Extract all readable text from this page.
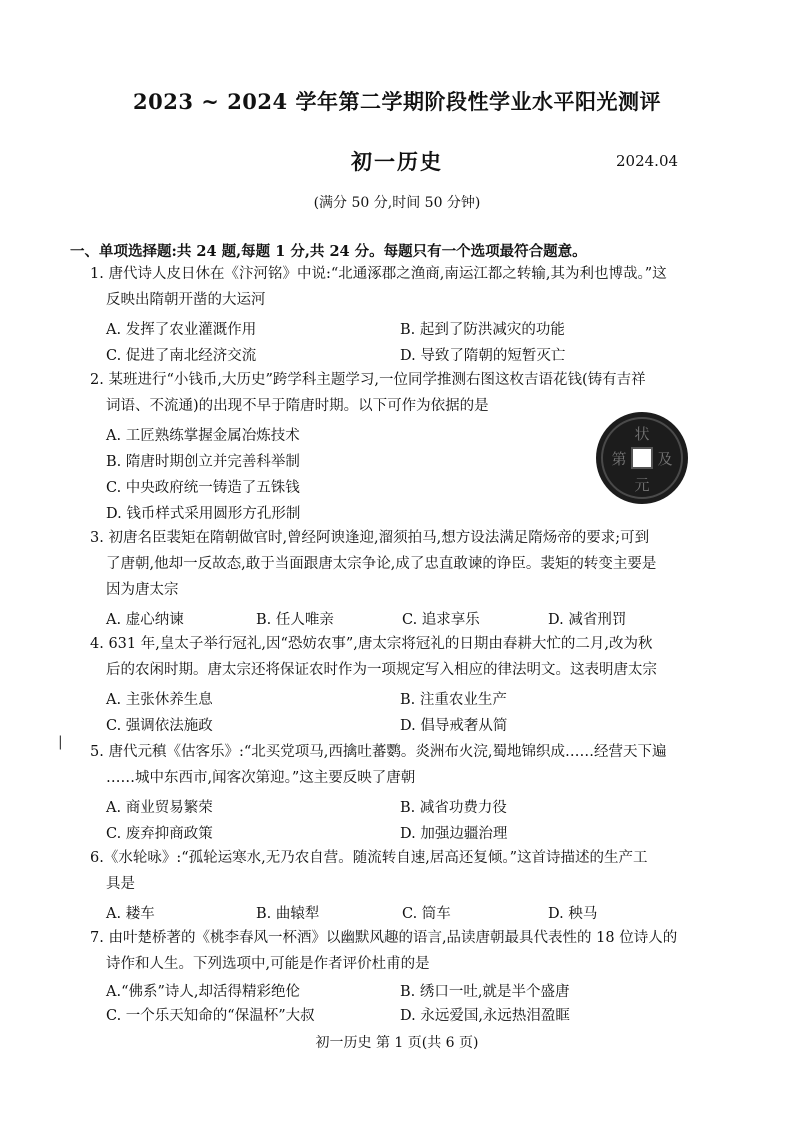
2023 ~ 2024 学年第二学期阶段性学业水平阳光测评
初一历史	2024.04
(满分 50 分,时间 50 分钟)
一、单项选择题:共 24 题,每题 1 分,共 24 分。每题只有一个选项最符合题意。
1. 唐代诗人皮日休在《汴河铭》中说:“北通涿郡之渔商,南运江都之转输,其为利也博哉。”这
反映出隋朝开凿的大运河
A. 发挥了农业灌溉作用	B. 起到了防洪减灾的功能
C. 促进了南北经济交流	D. 导致了隋朝的短暂灭亡
2. 某班进行“小钱币,大历史”跨学科主题学习,一位同学推测右图这枚吉语花钱(铸有吉祥
词语、不流通)的出现不早于隋唐时期。以下可作为依据的是
A. 工匠熟练掌握金属冶炼技术
B. 隋唐时期创立并完善科举制
C. 中央政府统一铸造了五铢钱
D. 钱币样式采用圆形方孔形制
状
元
及
第
3. 初唐名臣裴矩在隋朝做官时,曾经阿谀逢迎,溜须拍马,想方设法满足隋炀帝的要求;可到
了唐朝,他却一反故态,敢于当面跟唐太宗争论,成了忠直敢谏的诤臣。裴矩的转变主要是
因为唐太宗
A. 虚心纳谏	B. 任人唯亲	C. 追求享乐	D. 减省刑罚
4. 631 年,皇太子举行冠礼,因“恐妨农事”,唐太宗将冠礼的日期由春耕大忙的二月,改为秋
后的农闲时期。唐太宗还将保证农时作为一项规定写入相应的律法明文。这表明唐太宗
A. 主张休养生息	B. 注重农业生产
C. 强调依法施政	D. 倡导戒奢从简
|
5. 唐代元稹《估客乐》:“北买党项马,西擒吐蕃鹦。炎洲布火浣,蜀地锦织成……经营天下遍
……城中东西市,闻客次第迎。”这主要反映了唐朝
A. 商业贸易繁荣	B. 减省功费力役
C. 废弃抑商政策	D. 加强边疆治理
6.《水轮咏》:“孤轮运寒水,无乃农自营。随流转自速,居高还复倾。”这首诗描述的生产工
具是
A. 耧车	B. 曲辕犁	C. 筒车	D. 秧马
7. 由叶楚桥著的《桃李春风一杯酒》以幽默风趣的语言,品读唐朝最具代表性的 18 位诗人的
诗作和人生。下列选项中,可能是作者评价杜甫的是
A.“佛系”诗人,却活得精彩绝伦	B. 绣口一吐,就是半个盛唐
C. 一个乐天知命的“保温杯”大叔	D. 永远爱国,永远热泪盈眶
初一历史 第 1 页(共 6 页)
